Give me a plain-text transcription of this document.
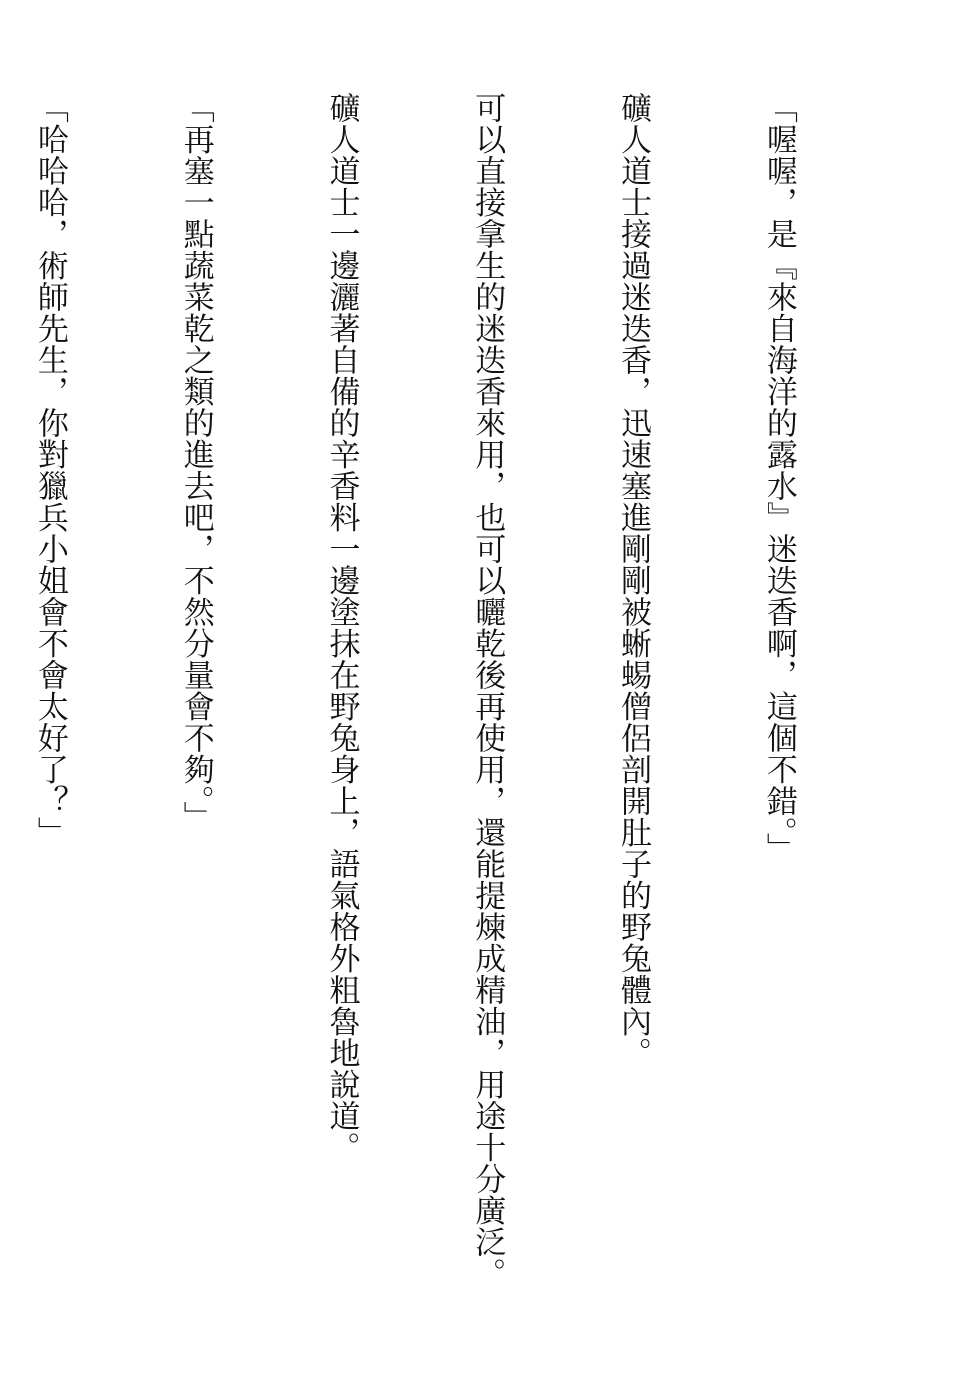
「喔喔，是『來自海洋的露水』迷迭香啊，這個不錯。」

礦人道士接過迷迭香，迅速塞進剛剛被蜥蜴僧侶剖開肚子的野兔體內。

可以直接拿生的迷迭香來用，也可以曬乾後再使用，還能提煉成精油，用途十分廣泛。

礦人道士一邊灑著自備的辛香料一邊塗抹在野兔身上，語氣格外粗魯地說道。

「再塞一點蔬菜乾之類的進去吧，不然分量會不夠。」

「哈哈哈，術師先生，你對獵兵小姐會不會太好了？」
